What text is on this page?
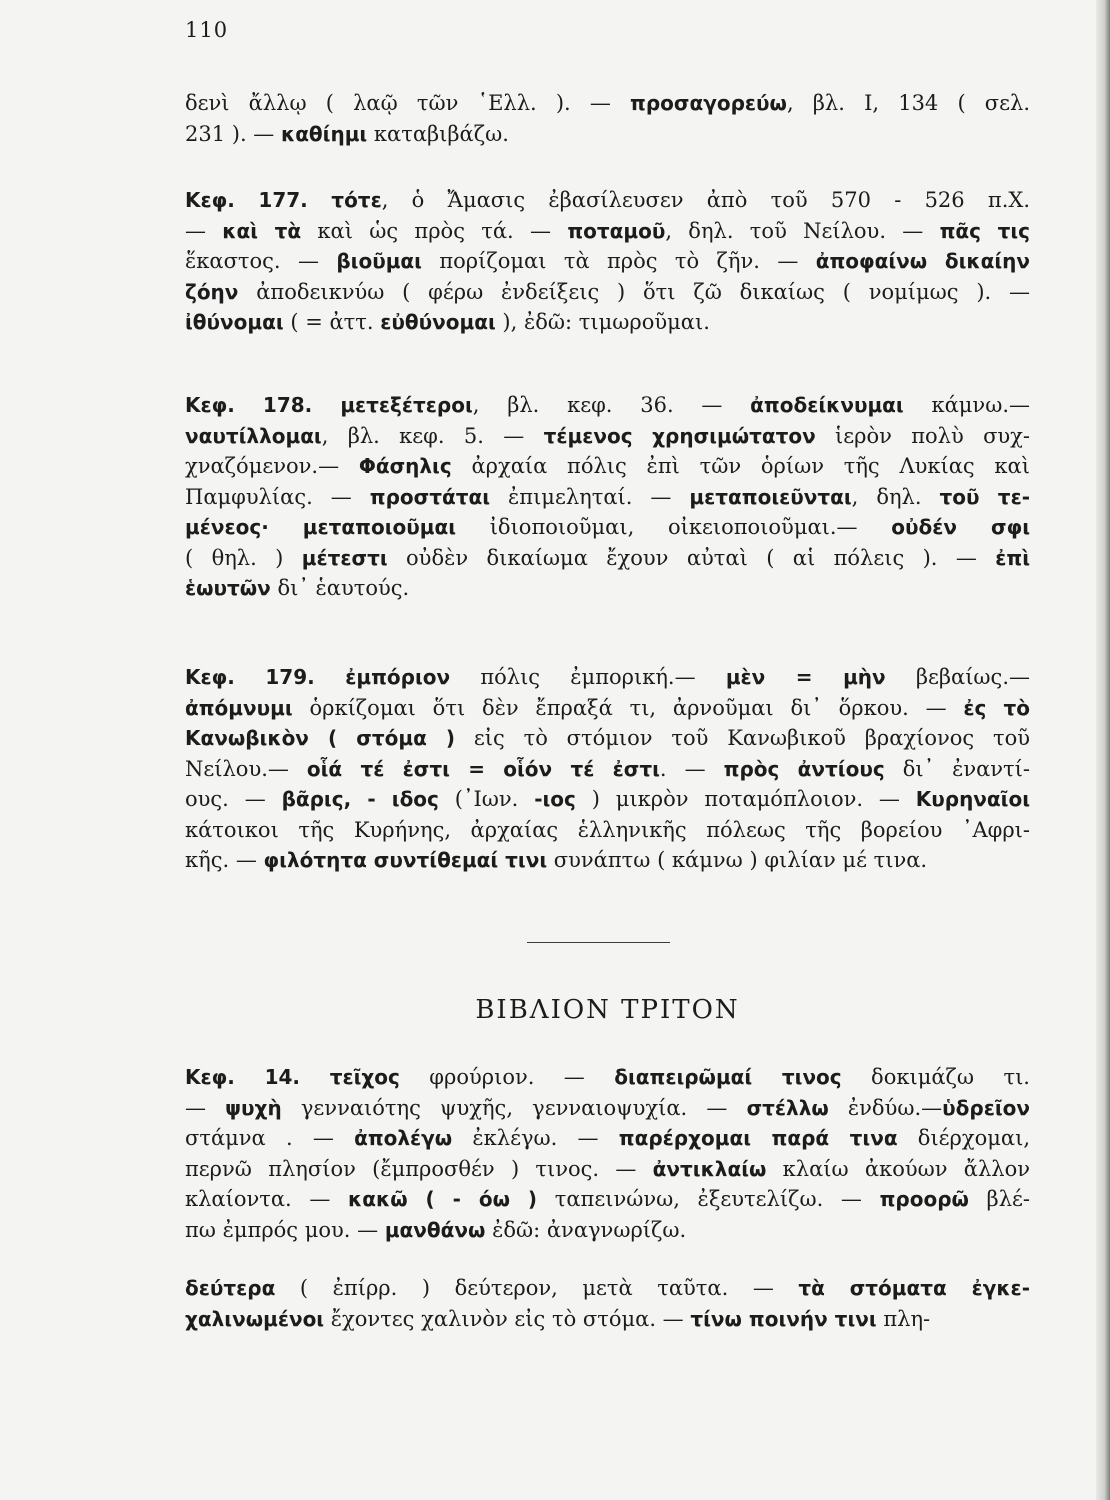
110

δενὶ ἄλλῳ ( λαῷ τῶν ῾Ελλ. ). — προσαγορεύω, βλ. I, 134 ( σελ.

231 ). — καθίημι καταβιβάζω.

Κεφ. 177. τότε, ὁ Ἄμασις ἐβασίλευσεν ἀπὸ τοῦ 570 - 526 π.Χ.

— καὶ τὰ καὶ ὡς πρὸς τά. — ποταμοῦ, δηλ. τοῦ Νείλου. — πᾶς τις

ἕκαστος. — βιοῦμαι πορίζομαι τὰ πρὸς τὸ ζῆν. — ἀποφαίνω δικαίην

ζόην ἀποδεικνύω ( φέρω ἐνδείξεις ) ὅτι ζῶ δικαίως ( νομίμως ). —

ἰθύνομαι ( = ἀττ. εὐθύνομαι ), ἐδῶ: τιμωροῦμαι.

Κεφ. 178. μετεξέτεροι, βλ. κεφ. 36. — ἀποδείκνυμαι κάμνω.—

ναυτίλλομαι, βλ. κεφ. 5. — τέμενος χρησιμώτατον ἱερὸν πολὺ συχ-

χναζόμενον.— Φάσηλις ἀρχαία πόλις ἐπὶ τῶν ὁρίων τῆς Λυκίας καὶ

Παμφυλίας. — προστάται ἐπιμεληταί. — μεταποιεῦνται, δηλ. τοῦ τε-

μένεος· μεταποιοῦμαι ἰδιοποιοῦμαι, οἰκειοποιοῦμαι.— οὐδέν σφι

( θηλ. ) μέτεστι οὐδὲν δικαίωμα ἔχουν αὐταὶ ( αἱ πόλεις ). — ἐπὶ

ἑωυτῶν δι᾽ ἑαυτούς.

Κεφ. 179. ἐμπόριον πόλις ἐμπορική.— μὲν = μὴν βεβαίως.—

ἀπόμνυμι ὁρκίζομαι ὅτι δὲν ἔπραξά τι, ἀρνοῦμαι δι᾽ ὅρκου. — ἐς τὸ

Κανωβικὸν ( στόμα ) εἰς τὸ στόμιον τοῦ Κανωβικοῦ βραχίονος τοῦ

Νείλου.— οἷά τέ ἐστι = οἷόν τέ ἐστι. — πρὸς ἀντίους δι᾽ ἐναντί-

ους. — βᾶρις, - ιδος (᾽Ιων. -ιος ) μικρὸν ποταμόπλοιον. — Κυρηναῖοι

κάτοικοι τῆς Κυρήνης, ἀρχαίας ἑλληνικῆς πόλεως τῆς βορείου ᾽Αφρι-

κῆς. — φιλότητα συντίθεμαί τινι συνάπτω ( κάμνω ) φιλίαν μέ τινα.

ΒΙΒΛΙΟΝ ΤΡΙΤΟΝ

Κεφ. 14. τεῖχος φρούριον. — διαπειρῶμαί τινος δοκιμάζω τι.

— ψυχὴ γενναιότης ψυχῆς, γενναιοψυχία. — στέλλω ἐνδύω.—ὑδρεῖον

στάμνα . — ἀπολέγω ἐκλέγω. — παρέρχομαι παρά τινα διέρχομαι,

περνῶ πλησίον (ἔμπροσθέν ) τινος. — ἀντικλαίω κλαίω ἀκούων ἄλλον

κλαίοντα. — κακῶ ( - όω ) ταπεινώνω, ἐξευτελίζω. — προορῶ βλέ-

πω ἐμπρός μου. — μανθάνω ἐδῶ: ἀναγνωρίζω.

δεύτερα ( ἐπίρρ. ) δεύτερον, μετὰ ταῦτα. — τὰ στόματα ἐγκε-

χαλινωμένοι ἔχοντες χαλινὸν εἰς τὸ στόμα. — τίνω ποινήν τινι πλη-
